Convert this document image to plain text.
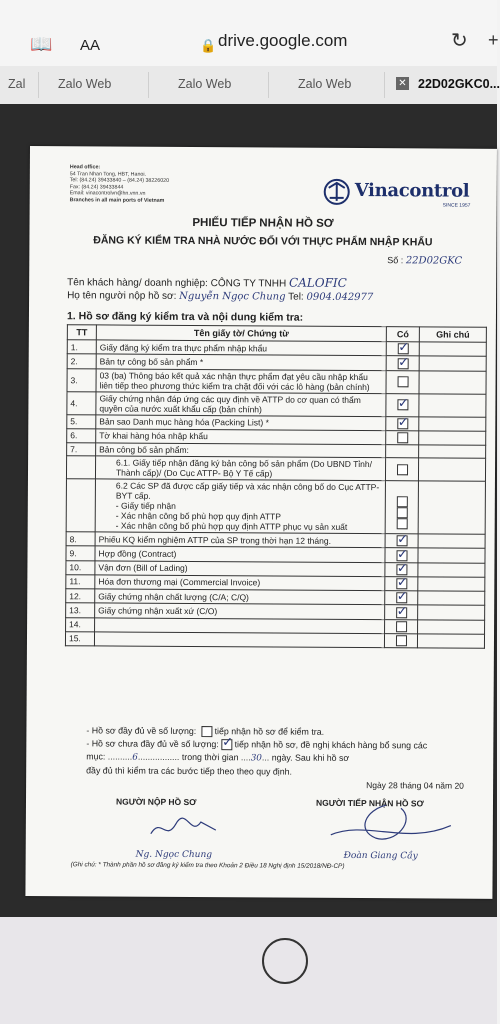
📖 AA	🔒 drive.google.com	↻ +
Zal	Zalo Web	Zalo Web	Zalo Web	✕ 22D02GKC0...
Head office:
54 Tran Nhan Tong, HBT, Hanoi.
Tel: (84.24) 39433840 – (84.24) 38226020
Fax: (84.24) 39433844
Email: vinacontrolvn@hn.vnn.vn
Branches in all main ports of Vietnam	Vinacontrol
SINCE 1957
PHIẾU TIẾP NHẬN HỒ SƠ
ĐĂNG KÝ KIỂM TRA NHÀ NƯỚC ĐỐI VỚI THỰC PHẨM NHẬP KHẨU
Số : 22D02GKC
Tên khách hàng/ doanh nghiệp: CÔNG TY TNHH CALOFIC
Họ tên người nộp hồ sơ: Nguyễn Ngọc Chung Tel: 0904.042977
1. Hồ sơ đăng ký kiểm tra và nội dung kiểm tra:
TT	Tên giấy tờ/ Chứng từ	Có	Ghi chú
1.	Giấy đăng ký kiểm tra thực phẩm nhập khẩu	✓	
2.	Bản tự công bố sản phẩm *	✓	
3.	03 (ba) Thông báo kết quả xác nhận thực phẩm đạt yêu cầu nhập khẩu liên tiếp theo phương thức kiểm tra chặt đối với các lô hàng (bản chính)		
4.	Giấy chứng nhận đáp ứng các quy định về ATTP do cơ quan có thẩm quyền của nước xuất khẩu cấp (bản chính)	✓	
5.	Bản sao Danh mục hàng hóa (Packing List) *	✓	
6.	Tờ khai hàng hóa nhập khẩu		
7.	Bản công bố sản phẩm:		
	6.1. Giấy tiếp nhận đăng ký bản công bố sản phẩm (Do UBND Tỉnh/ Thành cấp)/ (Do Cục ATTP- Bộ Y Tế cấp)		

	6.2 Các SP đã được cấp giấy tiếp và xác nhận công bố do Cục ATTP- BYT cấp.
- Giấy tiếp nhận
- Xác nhận công bố phù hợp quy định ATTP
- Xác nhận công bố phù hợp quy định ATTP phục vụ sản xuất		

8.	Phiếu KQ kiểm nghiệm ATTP của SP trong thời hạn 12 tháng.	✓	
9.	Hợp đồng (Contract)	✓	
10.	Vận đơn (Bill of Lading)	✓	
11.	Hóa đơn thương mại (Commercial Invoice)	✓	
12.	Giấy chứng nhận chất lượng (C/A; C/Q)	✓	
13.	Giấy chứng nhận xuất xứ (C/O)	✓	
14.			
15.			
- Hồ sơ đầy đủ về số lượng: tiếp nhận hồ sơ để kiểm tra.
- Hồ sơ chưa đầy đủ về số lượng: ✓ tiếp nhận hồ sơ, đề nghị khách hàng bổ sung các
mục: ..........6................. trong thời gian ....30... ngày. Sau khi hồ sơ
đầy đủ thì kiểm tra các bước tiếp theo theo quy định.
Ngày 28 tháng 04 năm 20
NGƯỜI NỘP HỒ SƠ	NGƯỜI TIẾP NHẬN HỒ SƠ
Ng. Ngọc Chung	Đoàn Giang Cầy
(Ghi chú: * Thành phần hồ sơ đăng ký kiểm tra theo Khoản 2 Điều 18 Nghị định 15/2018/NĐ-CP)
